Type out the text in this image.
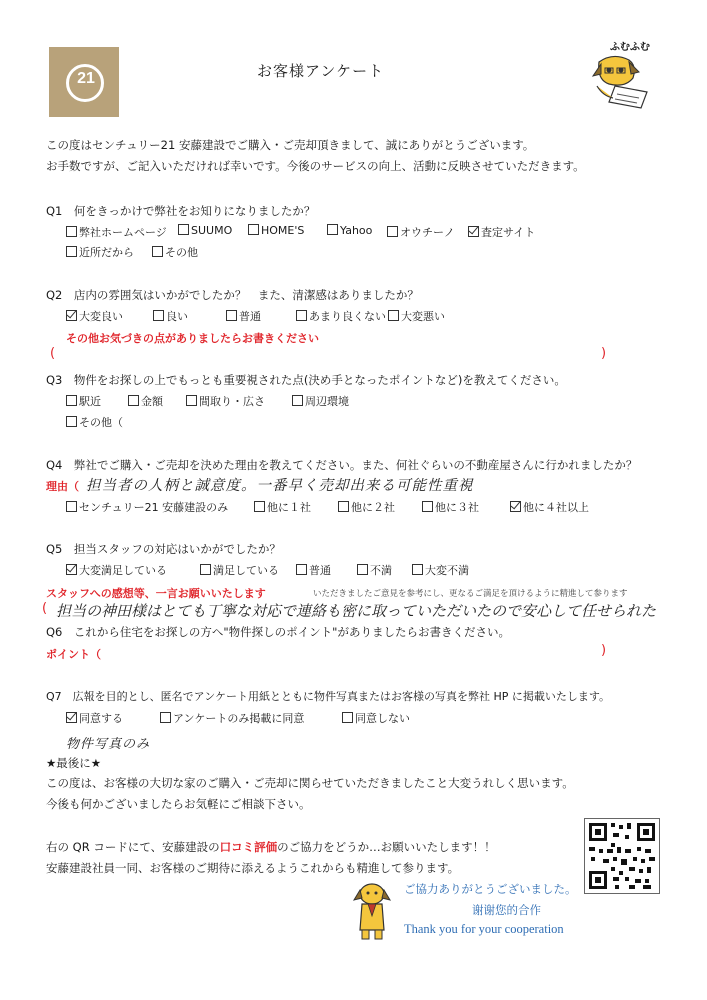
21	お客様アンケート
ふむふむ
この度はセンチュリー21 安藤建設でご購入・ご売却頂きまして、誠にありがとうございます。
お手数ですが、ご記入いただければ幸いです。今後のサービスの向上、活動に反映させていただきます。
Q1　何をきっかけで弊社をお知りになりましたか？
弊社ホームページ	SUUMO	HOME'S	Yahoo	オウチーノ	査定サイト
近所だから	その他
Q2　店内の雰囲気はいかがでしたか？　また、清潔感はありましたか？
大変良い	良い	普通	あまり良くない	大変悪い
その他お気づきの点がありましたらお書きください
(	)
Q3　物件をお探しの上でもっとも重要視された点(決め手となったポイントなど)を教えてください。
駅近	金額	間取り・広さ	周辺環境
その他（
Q4　弊社でご購入・ご売却を決めた理由を教えてください。また、何社ぐらいの不動産屋さんに行かれましたか？
理由（ 担当者の人柄と誠意度。一番早く売却出来る可能性重視
センチュリー21 安藤建設のみ	他に１社	他に２社	他に３社	他に４社以上
Q5　担当スタッフの対応はいかがでしたか？
大変満足している	満足している	普通	不満	大変不満
スタッフへの感想等、一言お願いいたします	いただきましたご意見を参考にし、更なるご満足を頂けるように精進して参ります
( 担当の神田様はとても丁寧な対応で連絡も密に取っていただいたので安心して任せられた
Q6　これから住宅をお探しの方へ"物件探しのポイント"がありましたらお書きください。
ポイント（	)
Q7　広報を目的とし、匿名でアンケート用紙とともに物件写真またはお客様の写真を弊社 HP に掲載いたします。
同意する	アンケートのみ掲載に同意	同意しない
物件写真のみ
★最後に★
この度は、お客様の大切な家のご購入・ご売却に関らせていただきましたこと大変うれしく思います。
今後も何かございましたらお気軽にご相談下さい。
右の QR コードにて、安藤建設の口コミ評価のご協力をどうか…お願いいたします！！
安藤建設社員一同、お客様のご期待に添えるようこれからも精進して参ります。
ご協力ありがとうございました。
谢谢您的合作
Thank you for your cooperation
